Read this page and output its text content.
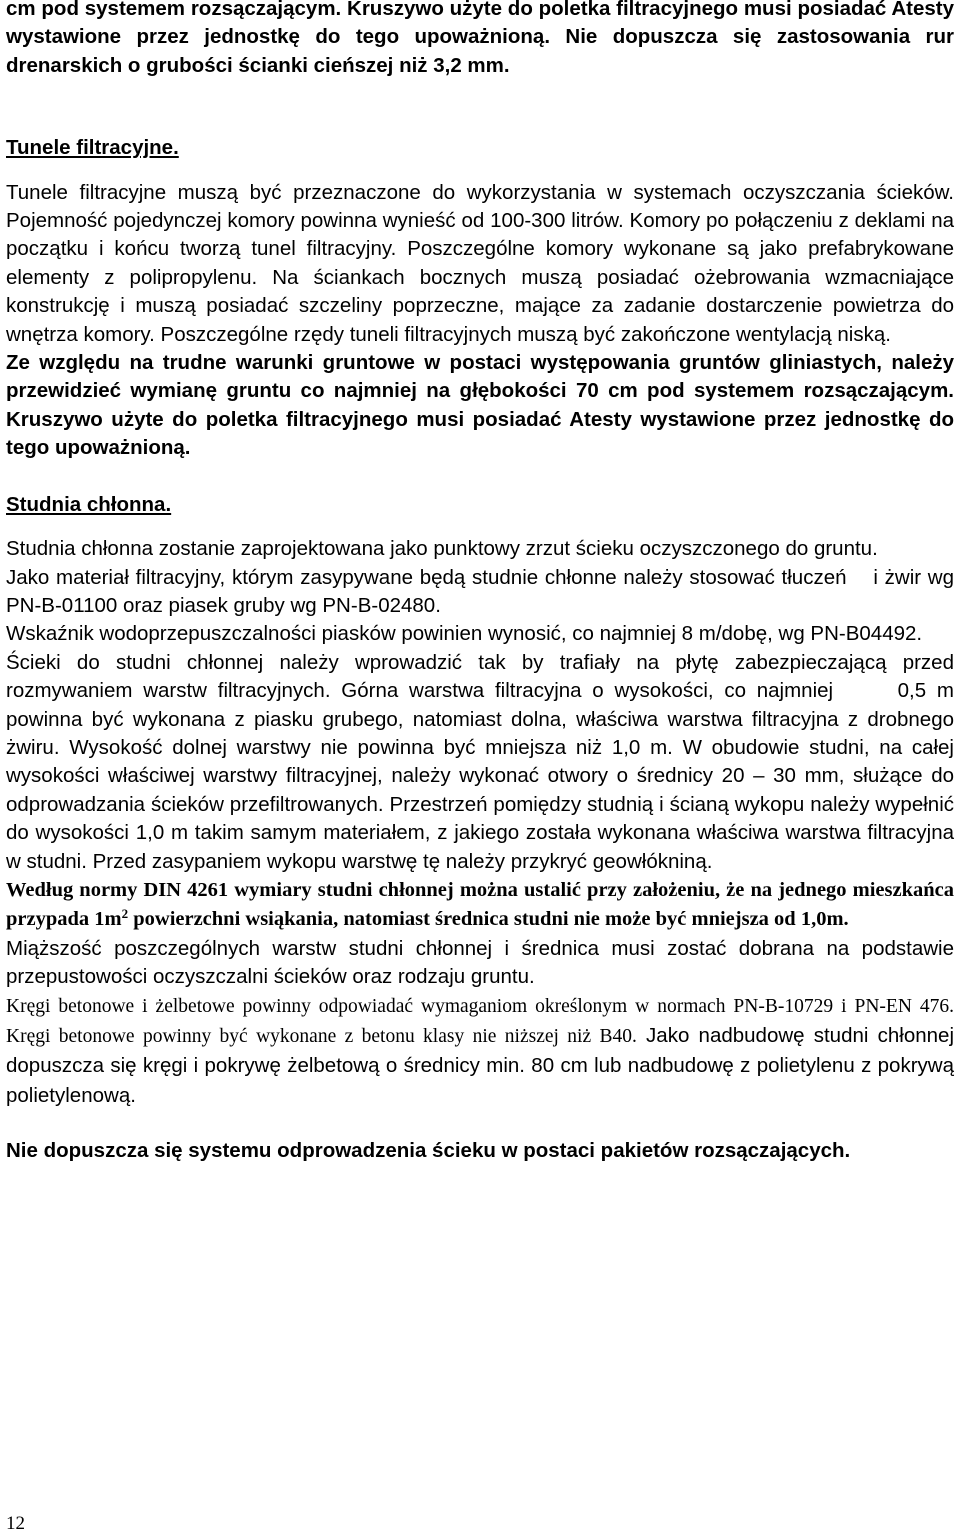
cm pod systemem rozsączającym. Kruszywo użyte do poletka filtracyjnego musi posiadać Atesty wystawione przez jednostkę do tego upoważnioną. Nie dopuszcza się zastosowania rur drenarskich o grubości ścianki cieńszej niż 3,2 mm.

Tunele filtracyjne.

Tunele filtracyjne muszą być przeznaczone do wykorzystania w systemach oczyszczania ścieków. Pojemność pojedynczej komory powinna wynieść od 100-300 litrów. Komory po połączeniu z deklami na początku i końcu tworzą tunel filtracyjny. Poszczególne komory wykonane są jako prefabrykowane elementy z polipropylenu. Na ściankach bocznych muszą posiadać ożebrowania wzmacniające konstrukcję i muszą posiadać szczeliny poprzeczne, mające za zadanie dostarczenie powietrza do wnętrza komory. Poszczególne rzędy tuneli filtracyjnych muszą być zakończone wentylacją niską.

Ze względu na trudne warunki gruntowe w postaci występowania gruntów gliniastych, należy przewidzieć wymianę gruntu co najmniej na głębokości 70 cm pod systemem rozsączającym. Kruszywo użyte do poletka filtracyjnego musi posiadać Atesty wystawione przez jednostkę do tego upoważnioną.

Studnia chłonna.

Studnia chłonna zostanie zaprojektowana jako punktowy zrzut ścieku oczyszczonego do gruntu.

Jako materiał filtracyjny, którym zasypywane będą studnie chłonne należy stosować tłuczeń    i żwir wg PN-B-01100 oraz piasek gruby wg PN-B-02480.

Wskaźnik wodoprzepuszczalności piasków powinien wynosić, co najmniej 8 m/dobę, wg PN-B04492.

Ścieki do studni chłonnej należy wprowadzić tak by trafiały na płytę zabezpieczającą przed rozmywaniem warstw filtracyjnych. Górna warstwa filtracyjna o wysokości, co najmniej      0,5 m powinna być wykonana z piasku grubego, natomiast dolna, właściwa warstwa filtracyjna z drobnego żwiru. Wysokość dolnej warstwy nie powinna być mniejsza niż 1,0 m. W obudowie studni, na całej wysokości właściwej warstwy filtracyjnej, należy wykonać otwory o średnicy 20 – 30 mm, służące do odprowadzania ścieków przefiltrowanych. Przestrzeń pomiędzy studnią i ścianą wykopu należy wypełnić do wysokości 1,0 m takim samym materiałem, z jakiego została wykonana właściwa warstwa filtracyjna w studni. Przed zasypaniem wykopu warstwę tę należy przykryć geowłókniną.

Według normy DIN 4261 wymiary studni chłonnej można ustalić przy założeniu, że na jednego mieszkańca przypada $1m^2$ powierzchni wsiąkania, natomiast średnica studni nie może być mniejsza od 1,0m.

Miąższość poszczególnych warstw studni chłonnej i średnica musi zostać dobrana na podstawie przepustowości oczyszczalni ścieków oraz rodzaju gruntu.

Kręgi betonowe i żelbetowe powinny odpowiadać wymaganiom określonym w normach PN-B-10729 i PN-EN 476. Kręgi betonowe powinny być wykonane z betonu klasy nie niższej niż B40. Jako nadbudowę studni chłonnej dopuszcza się kręgi i pokrywę żelbetową o średnicy min. 80 cm lub nadbudowę z polietylenu z pokrywą polietylenową.

Nie dopuszcza się systemu odprowadzenia ścieku w postaci pakietów rozsączających.

12
